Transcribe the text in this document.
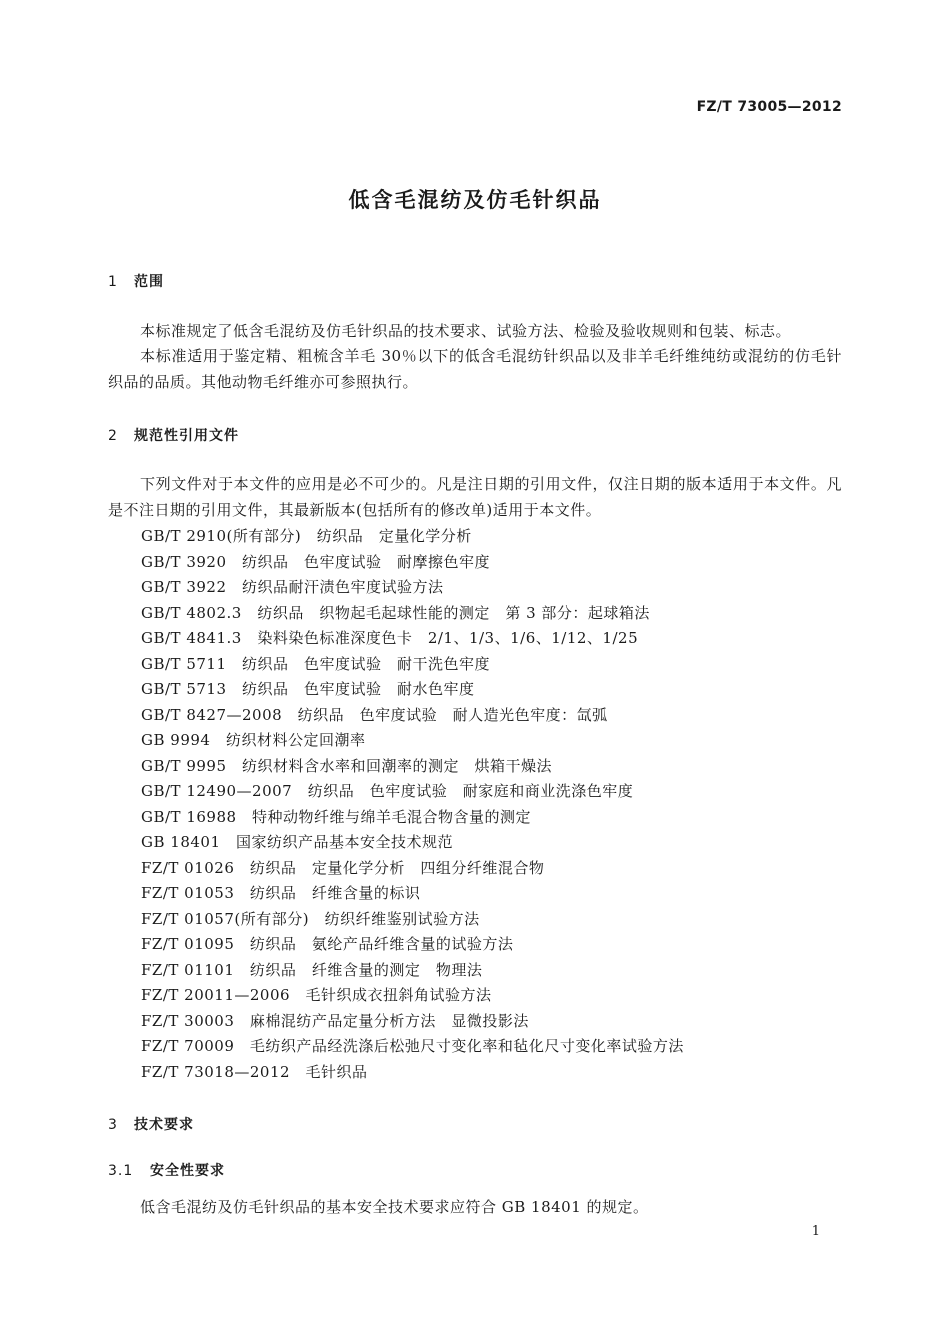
FZ/T 73005—2012
低含毛混纺及仿毛针织品
1 范围
本标准规定了低含毛混纺及仿毛针织品的技术要求、试验方法、检验及验收规则和包装、标志。
本标准适用于鉴定精、粗梳含羊毛 30％以下的低含毛混纺针织品以及非羊毛纤维纯纺或混纺的仿毛针织品的品质。其他动物毛纤维亦可参照执行。
2 规范性引用文件
下列文件对于本文件的应用是必不可少的。凡是注日期的引用文件，仅注日期的版本适用于本文件。凡是不注日期的引用文件，其最新版本(包括所有的修改单)适用于本文件。
GB/T 2910(所有部分)　纺织品　定量化学分析
GB/T 3920　纺织品　色牢度试验　耐摩擦色牢度
GB/T 3922　纺织品耐汗渍色牢度试验方法
GB/T 4802.3　纺织品　织物起毛起球性能的测定　第 3 部分：起球箱法
GB/T 4841.3　染料染色标准深度色卡　2/1、1/3、1/6、1/12、1/25
GB/T 5711　纺织品　色牢度试验　耐干洗色牢度
GB/T 5713　纺织品　色牢度试验　耐水色牢度
GB/T 8427—2008　纺织品　色牢度试验　耐人造光色牢度：氙弧
GB 9994　纺织材料公定回潮率
GB/T 9995　纺织材料含水率和回潮率的测定　烘箱干燥法
GB/T 12490—2007　纺织品　色牢度试验　耐家庭和商业洗涤色牢度
GB/T 16988　特种动物纤维与绵羊毛混合物含量的测定
GB 18401　国家纺织产品基本安全技术规范
FZ/T 01026　纺织品　定量化学分析　四组分纤维混合物
FZ/T 01053　纺织品　纤维含量的标识
FZ/T 01057(所有部分)　纺织纤维鉴别试验方法
FZ/T 01095　纺织品　氨纶产品纤维含量的试验方法
FZ/T 01101　纺织品　纤维含量的测定　物理法
FZ/T 20011—2006　毛针织成衣扭斜角试验方法
FZ/T 30003　麻棉混纺产品定量分析方法　显微投影法
FZ/T 70009　毛纺织产品经洗涤后松弛尺寸变化率和毡化尺寸变化率试验方法
FZ/T 73018—2012　毛针织品
3 技术要求
3.1 安全性要求
低含毛混纺及仿毛针织品的基本安全技术要求应符合 GB 18401 的规定。
1
